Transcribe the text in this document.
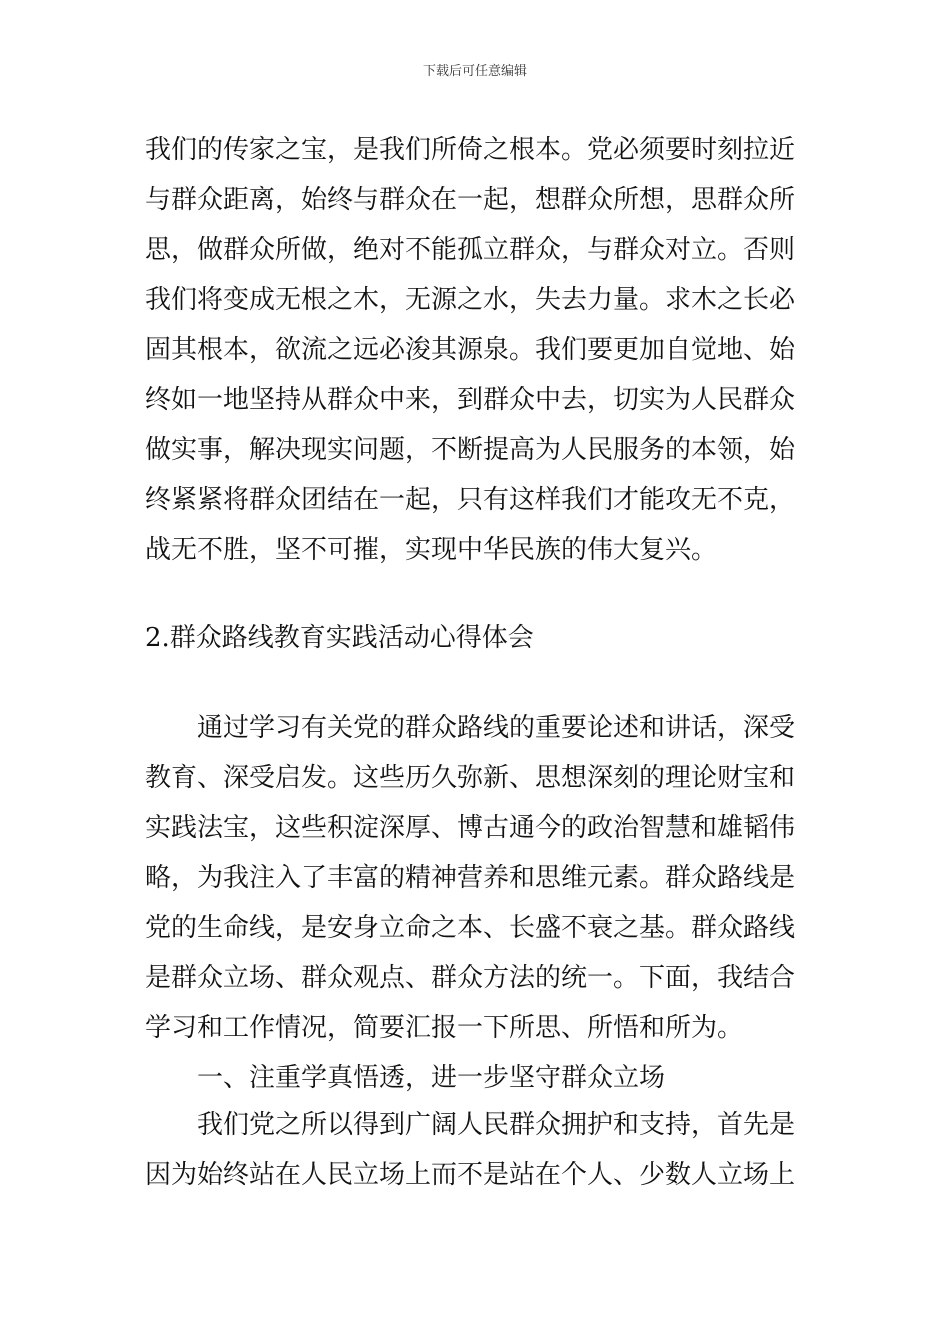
下载后可任意编辑
我们的传家之宝，是我们所倚之根本。党必须要时刻拉近
与群众距离，始终与群众在一起，想群众所想，思群众所
思，做群众所做，绝对不能孤立群众，与群众对立。否则
我们将变成无根之木，无源之水，失去力量。求木之长必
固其根本，欲流之远必浚其源泉。我们要更加自觉地、始
终如一地坚持从群众中来，到群众中去，切实为人民群众
做实事，解决现实问题，不断提高为人民服务的本领，始
终紧紧将群众团结在一起，只有这样我们才能攻无不克，
战无不胜，坚不可摧，实现中华民族的伟大复兴。
2.群众路线教育实践活动心得体会
　　通过学习有关党的群众路线的重要论述和讲话，深受
教育、深受启发。这些历久弥新、思想深刻的理论财宝和
实践法宝，这些积淀深厚、博古通今的政治智慧和雄韬伟
略，为我注入了丰富的精神营养和思维元素。群众路线是
党的生命线，是安身立命之本、长盛不衰之基。群众路线
是群众立场、群众观点、群众方法的统一。下面，我结合
学习和工作情况，简要汇报一下所思、所悟和所为。
　　一、注重学真悟透，进一步坚守群众立场
　　我们党之所以得到广阔人民群众拥护和支持，首先是
因为始终站在人民立场上而不是站在个人、少数人立场上
